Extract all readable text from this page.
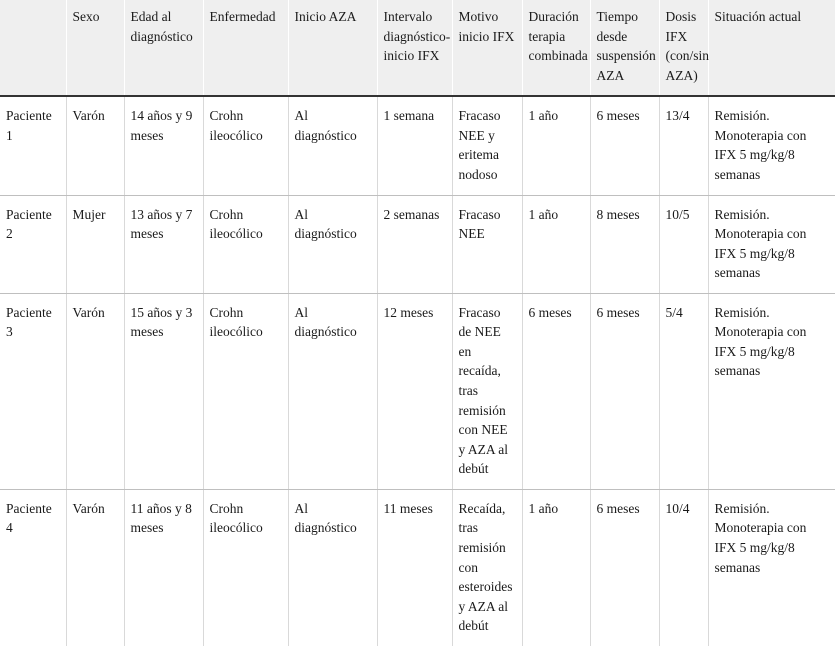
	Sexo	Edad al diagnóstico	Enfermedad	Inicio AZA	Intervalo diagnóstico-inicio IFX	Motivo inicio IFX	Duración terapia combinada	Tiempo desde suspensión AZA	Dosis IFX (con/sin AZA)	Situación actual
Paciente 1	Varón	14 años y 9 meses	Crohn ileocólico	Al diagnóstico	1 semana	Fracaso NEE y eritema nodoso	1 año	6 meses	13/4	Remisión. Monoterapia con IFX 5 mg/kg/8 semanas
Paciente 2	Mujer	13 años y 7 meses	Crohn ileocólico	Al diagnóstico	2 semanas	Fracaso NEE	1 año	8 meses	10/5	Remisión. Monoterapia con IFX 5 mg/kg/8 semanas
Paciente 3	Varón	15 años y 3 meses	Crohn ileocólico	Al diagnóstico	12 meses	Fracaso de NEE en recaída, tras remisión con NEE y AZA al debút	6 meses	6 meses	5/4	Remisión. Monoterapia con IFX 5 mg/kg/8 semanas
Paciente 4	Varón	11 años y 8 meses	Crohn ileocólico	Al diagnóstico	11 meses	Recaída, tras remisión con esteroides y AZA al debút	1 año	6 meses	10/4	Remisión. Monoterapia con IFX 5 mg/kg/8 semanas
